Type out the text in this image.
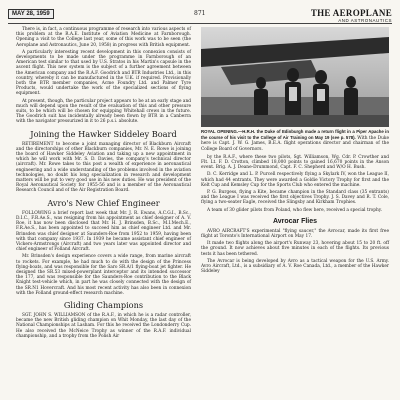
MAY 28, 1959	871	THE AEROPLANE
AND ASTRONAUTICS

There is, in fact, a continuous programme of research into various aspects of this problem at the R.A.E. Institute of Aviation Medicine at Farnborough. Opening a visit to the College last year, some of this work was to be seen (the Aeroplane and Astronautics, June 20, 1958) in progress with British equipment.

A particularly interesting recent development in this connexion consists of developments to be made under the programme in Farnborough of an American test similar to that used by U.S. Stratos in his Martin's capsule in the ascent flight. This new system is the subject of a further agreement between the American company and the R.A.F. Goodrich and BTR Industries Ltd., in this country, whereby it can be manufactured in the U.K. if required. Provisionally both the BTR member companies, Acme Foundry Ltd. and Palmer Tyre Products, would undertake the work of the specialized sections of flying equipment.

At present, though, the particular project appears to be at an early stage and much will depend upon the result of the evaluation of this and other pressure suits, to be which will be chosen for equipping Whitehall crews in the future. The Goodrich suit has incidentally already been flown by BTR in a Canberra with the navigator pressurized in it to 26 p.s.i. absolute.

Joining the Hawker Siddeley Board

RETIREMENT to become a joint managing director of Blackburn Aircraft and the directorships of other Blackburn companies, Mr. N. E. Rowe is joining the board of Hawker Siddeley Aviation and taking up a new appointment in which he will work with Mr. S. D. Davies, the company's technical director (aircraft). Mr. Rowe takes to this post a wealth of experience in aeronautical engineering and a wide understanding of the problems involved in the aviation technologies, no doubt his long specialization in research and development matters will be put to very good use in his new duties. He was president of the Royal Aeronautical Society for 1955-56 and is a member of the Aeronautical Research Council and of the Air Registration Board.

Avro's New Chief Engineer

FOLLOWING a brief report last week that Mr. J. R. Ewans, A.C.G.I., B.Sc., D.I.C., F.R.Ae.S., was resigning from his appointment as chief designer of A. V. Roe, it has now been disclosed that Mr. H. J. Brinsden, B.Sc., M.I.Mech.E., F.R.Ae.S., has been appointed to succeed him as chief engineer Ltd. and Mr. Brinsden was chief designer at Saunders-Roe from 1952 to 1959, having been with that company since 1937. In 1939 he became assistant chief engineer of Vickers-Armstrongs (Aircraft) and two years later was appointed director and chief engineer of Folland Aircraft.

Mr. Brinsden's design experience covers a wide range, from marine aircraft to rockets. For example, he had much to do with the design of the Princess flying-boats, and was responsible for the Saro SR.A/1 flying-boat jet fighter. He designed the SR.53 mixed-powerplant interceptor and its intended successor the 177, and was responsible for the Saunders-Roe contribution to the Black Knight test-vehicle which, in part he was closely connected with the design of the SR.N1 Hovercraft. And his most recent activity has also been in connexion with the Folland ground-effect research machine.

Gliding Champions

SGT. JOHN S. WILLIAMSON of the R.A.F., in which he is a radar controller, became the new British gliding champion on Whit Monday, the last day of the National Championships at Lasham. For this he received the Londonderry Cup. He also received the McNeice Trophy as winner of the R.A.F. individual championship, and a trophy from the Polish Air

ROYAL OPENING.—H.R.H. the Duke of Edinburgh made a return flight in a Piper Apache in the course of his visit to the College of Air Training on May 19 (see p. 578). With the Duke here is Capt. J. W. G. James, B.E.A. flight operations director and chairman of the College Board of Governors.

by the R.A.F., where these two pilots, Sgt. Williamson, Wg. Cdr. P. Crowther and Flt. Lt. F. D. Crotton, climbed 18,000 points to gained 16,670 points in the Anson event. Brig. A. J. Deane-Drummond, Capt. F. C. Shepherd and W/O H. Bush.

D. C. Kerridge and L. P. Purcell respectively flying a Skylark IV, won the League II, which had 44 entrants. They were awarded a Goldie Victory Trophy for first and the Kelt Cup and Kemsley Cup for the Sports Club who entered the machine.

P. G. Burgess, flying a Kite, became champion in the Standard class (35 entrants) and the League I was received the first objectives Trophy. J. S. Davey and R. T. Cole, flying a two-seater Eagle, received the Slingsby and Kirkham Trophies.

A team of 30 glider pilots from Poland, who flew here, received a special trophy.

Avrocar Flies

AVRO AIRCRAFT'S experimental "flying saucer," the Avrocar, made its first free flight at Toronto's International Airport on May 17.

It made two flights along the airport's Runway 23, hovering about 15 to 20 ft. off the ground. It now achieves about five minutes in each of the flights. Its previous tests it has been tethered.

The Avrocar is being developed by Avro as a tactical weapon for the U.S. Army. Avro Aircraft, Ltd., is a subsidiary of A. V. Roe Canada, Ltd., a member of the Hawker Siddeley
